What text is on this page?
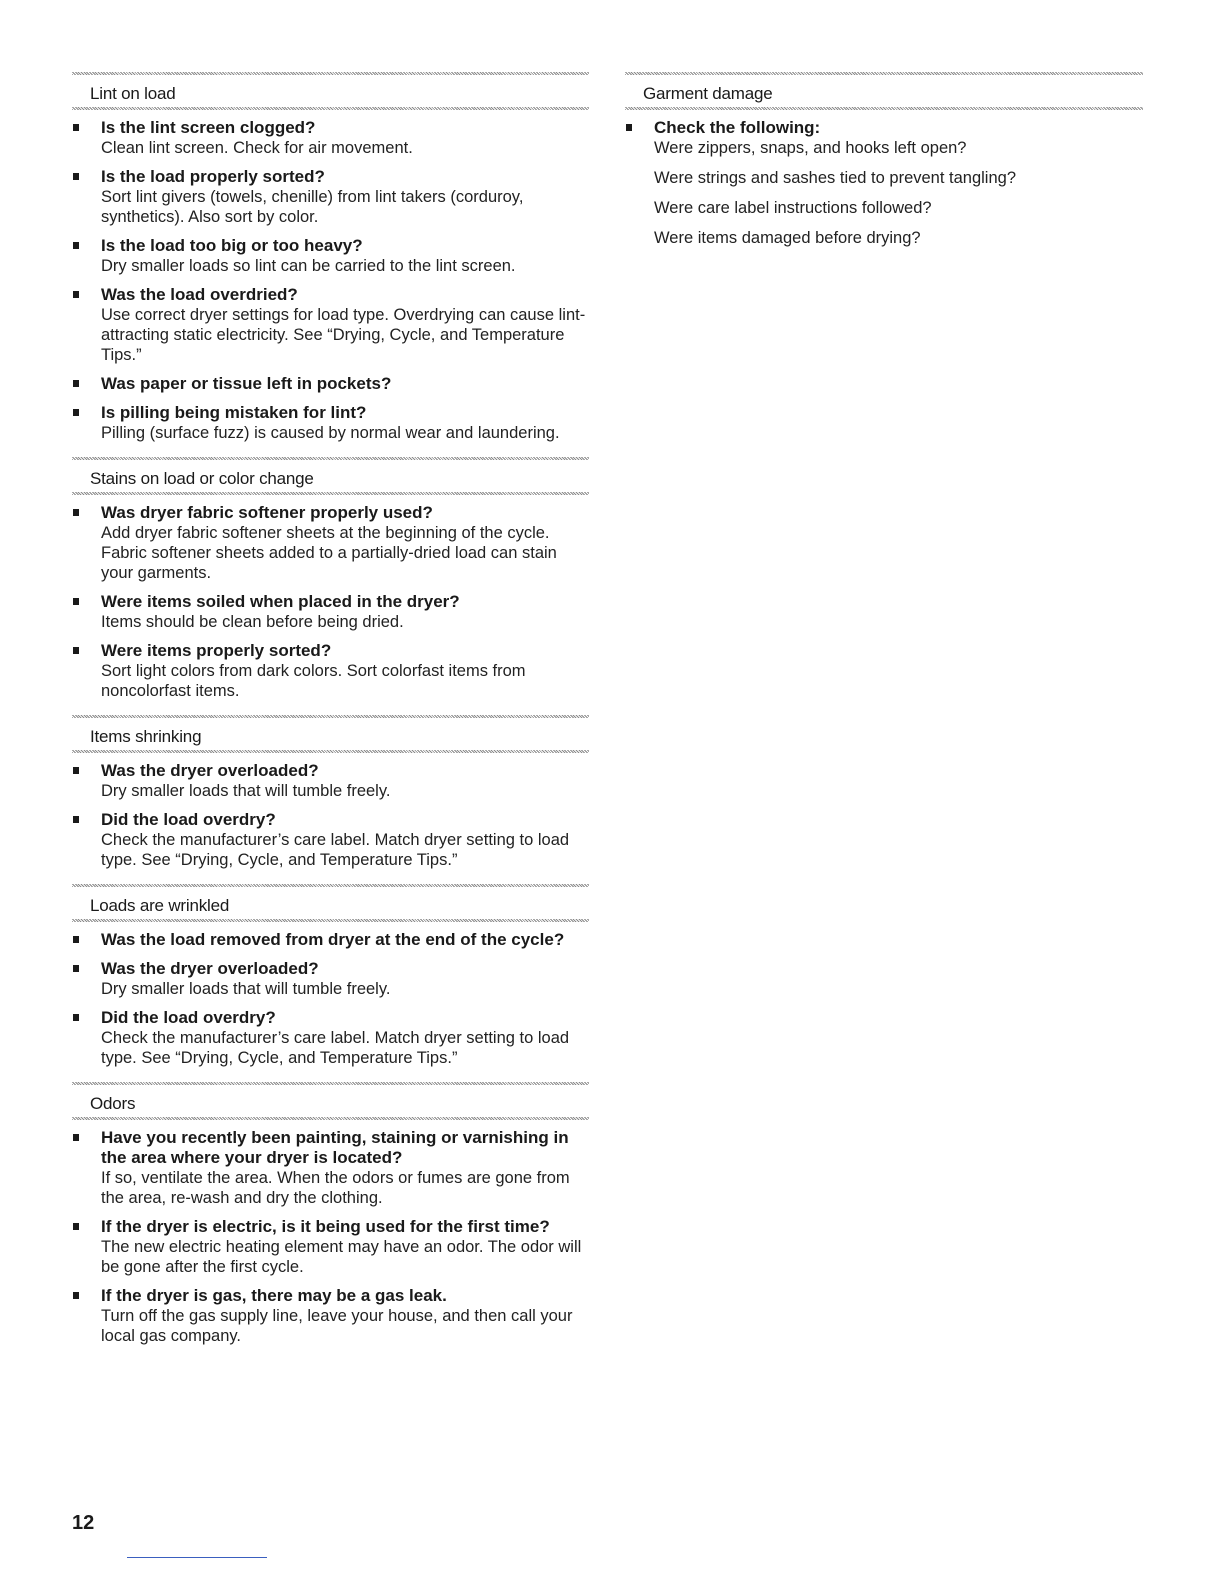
Lint on load
Is the lint screen clogged?
Clean lint screen. Check for air movement.
Is the load properly sorted?
Sort lint givers (towels, chenille) from lint takers (corduroy, synthetics). Also sort by color.
Is the load too big or too heavy?
Dry smaller loads so lint can be carried to the lint screen.
Was the load overdried?
Use correct dryer settings for load type. Overdrying can cause lint-attracting static electricity. See “Drying, Cycle, and Temperature Tips.”
Was paper or tissue left in pockets?
Is pilling being mistaken for lint?
Pilling (surface fuzz) is caused by normal wear and laundering.
Stains on load or color change
Was dryer fabric softener properly used?
Add dryer fabric softener sheets at the beginning of the cycle. Fabric softener sheets added to a partially-dried load can stain your garments.
Were items soiled when placed in the dryer?
Items should be clean before being dried.
Were items properly sorted?
Sort light colors from dark colors. Sort colorfast items from noncolorfast items.
Items shrinking
Was the dryer overloaded?
Dry smaller loads that will tumble freely.
Did the load overdry?
Check the manufacturer’s care label. Match dryer setting to load type. See “Drying, Cycle, and Temperature Tips.”
Loads are wrinkled
Was the load removed from dryer at the end of the cycle?
Was the dryer overloaded?
Dry smaller loads that will tumble freely.
Did the load overdry?
Check the manufacturer’s care label. Match dryer setting to load type. See “Drying, Cycle, and Temperature Tips.”
Odors
Have you recently been painting, staining or varnishing in the area where your dryer is located?
If so, ventilate the area. When the odors or fumes are gone from the area, re-wash and dry the clothing.
If the dryer is electric, is it being used for the first time?
The new electric heating element may have an odor. The odor will be gone after the first cycle.
If the dryer is gas, there may be a gas leak.
Turn off the gas supply line, leave your house, and then call your local gas company.
Garment damage
Check the following:
Were zippers, snaps, and hooks left open?
Were strings and sashes tied to prevent tangling?
Were care label instructions followed?
Were items damaged before drying?
12
